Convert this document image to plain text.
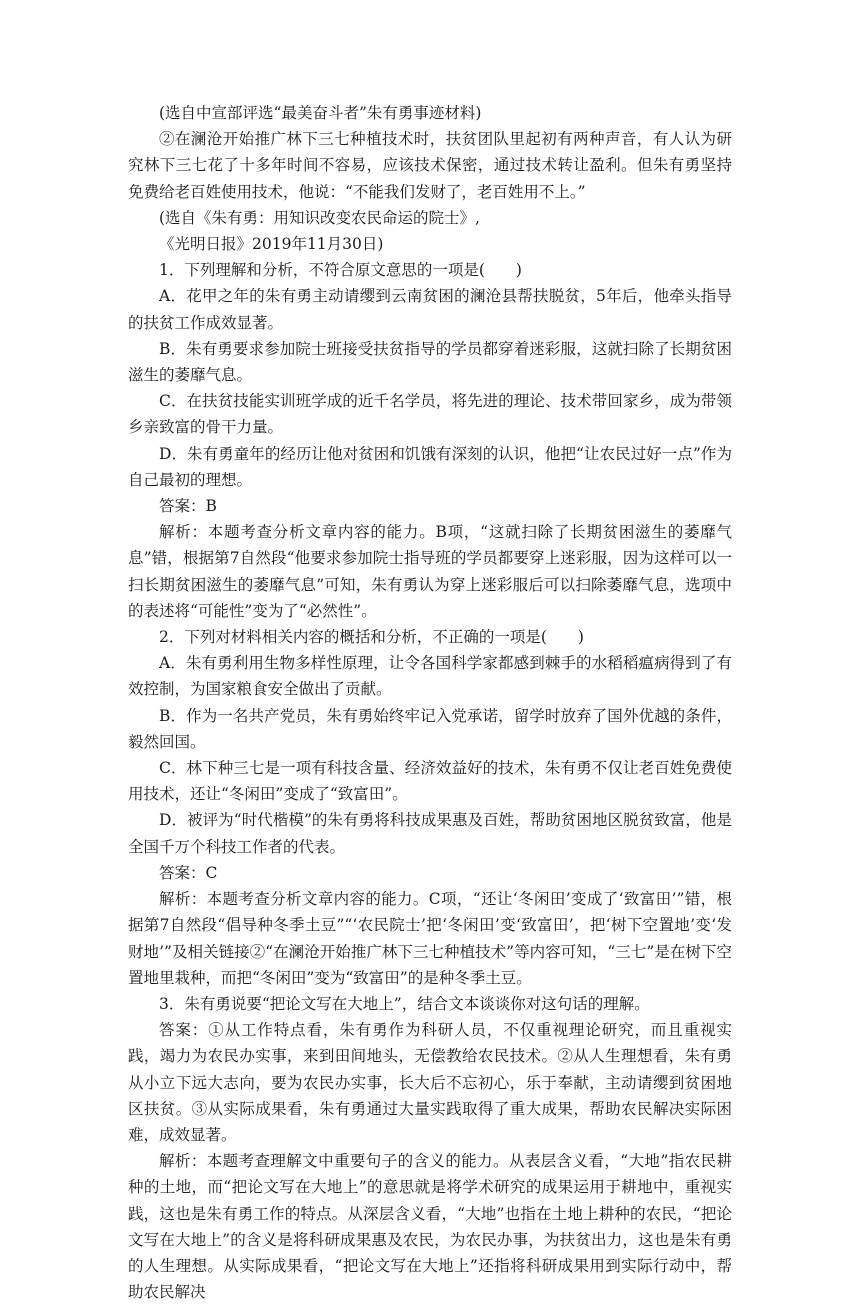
(选自中宣部评选“最美奋斗者”朱有勇事迹材料)

②在澜沧开始推广林下三七种植技术时，扶贫团队里起初有两种声音，有人认为研究林下三七花了十多年时间不容易，应该技术保密，通过技术转让盈利。但朱有勇坚持免费给老百姓使用技术，他说：“不能我们发财了，老百姓用不上。”

(选自《朱有勇：用知识改变农民命运的院士》,

《光明日报》2019年11月30日)

1．下列理解和分析，不符合原文意思的一项是(　　)

A．花甲之年的朱有勇主动请缨到云南贫困的澜沧县帮扶脱贫，5年后，他牵头指导的扶贫工作成效显著。

B．朱有勇要求参加院士班接受扶贫指导的学员都穿着迷彩服，这就扫除了长期贫困滋生的萎靡气息。

C．在扶贫技能实训班学成的近千名学员，将先进的理论、技术带回家乡，成为带领乡亲致富的骨干力量。

D．朱有勇童年的经历让他对贫困和饥饿有深刻的认识，他把“让农民过好一点”作为自己最初的理想。

答案：B

解析：本题考查分析文章内容的能力。B项，“这就扫除了长期贫困滋生的萎靡气息”错，根据第7自然段“他要求参加院士指导班的学员都要穿上迷彩服，因为这样可以一扫长期贫困滋生的萎靡气息”可知，朱有勇认为穿上迷彩服后可以扫除萎靡气息，选项中的表述将“可能性”变为了“必然性”。

2．下列对材料相关内容的概括和分析，不正确的一项是(　　)

A．朱有勇利用生物多样性原理，让令各国科学家都感到棘手的水稻稻瘟病得到了有效控制，为国家粮食安全做出了贡献。

B．作为一名共产党员，朱有勇始终牢记入党承诺，留学时放弃了国外优越的条件，毅然回国。

C．林下种三七是一项有科技含量、经济效益好的技术，朱有勇不仅让老百姓免费使用技术，还让“冬闲田”变成了“致富田”。

D．被评为“时代楷模”的朱有勇将科技成果惠及百姓，帮助贫困地区脱贫致富，他是全国千万个科技工作者的代表。

答案：C

解析：本题考查分析文章内容的能力。C项，“还让‘冬闲田’变成了‘致富田’”错，根据第7自然段“倡导种冬季土豆”“‘农民院士’把‘冬闲田’变‘致富田’，把‘树下空置地’变‘发财地’”及相关链接②“在澜沧开始推广林下三七种植技术”等内容可知，“三七”是在树下空置地里栽种，而把“冬闲田”变为“致富田”的是种冬季土豆。

3．朱有勇说要“把论文写在大地上”，结合文本谈谈你对这句话的理解。

答案：①从工作特点看，朱有勇作为科研人员，不仅重视理论研究，而且重视实践，竭力为农民办实事，来到田间地头，无偿教给农民技术。②从人生理想看，朱有勇从小立下远大志向，要为农民办实事，长大后不忘初心，乐于奉献，主动请缨到贫困地区扶贫。③从实际成果看，朱有勇通过大量实践取得了重大成果，帮助农民解决实际困难，成效显著。

解析：本题考查理解文中重要句子的含义的能力。从表层含义看，“大地”指农民耕种的土地，而“把论文写在大地上”的意思就是将学术研究的成果运用于耕地中，重视实践，这也是朱有勇工作的特点。从深层含义看，“大地”也指在土地上耕种的农民，“把论文写在大地上”的含义是将科研成果惠及农民，为农民办事，为扶贫出力，这也是朱有勇的人生理想。从实际成果看，“把论文写在大地上”还指将科研成果用到实际行动中，帮助农民解决
